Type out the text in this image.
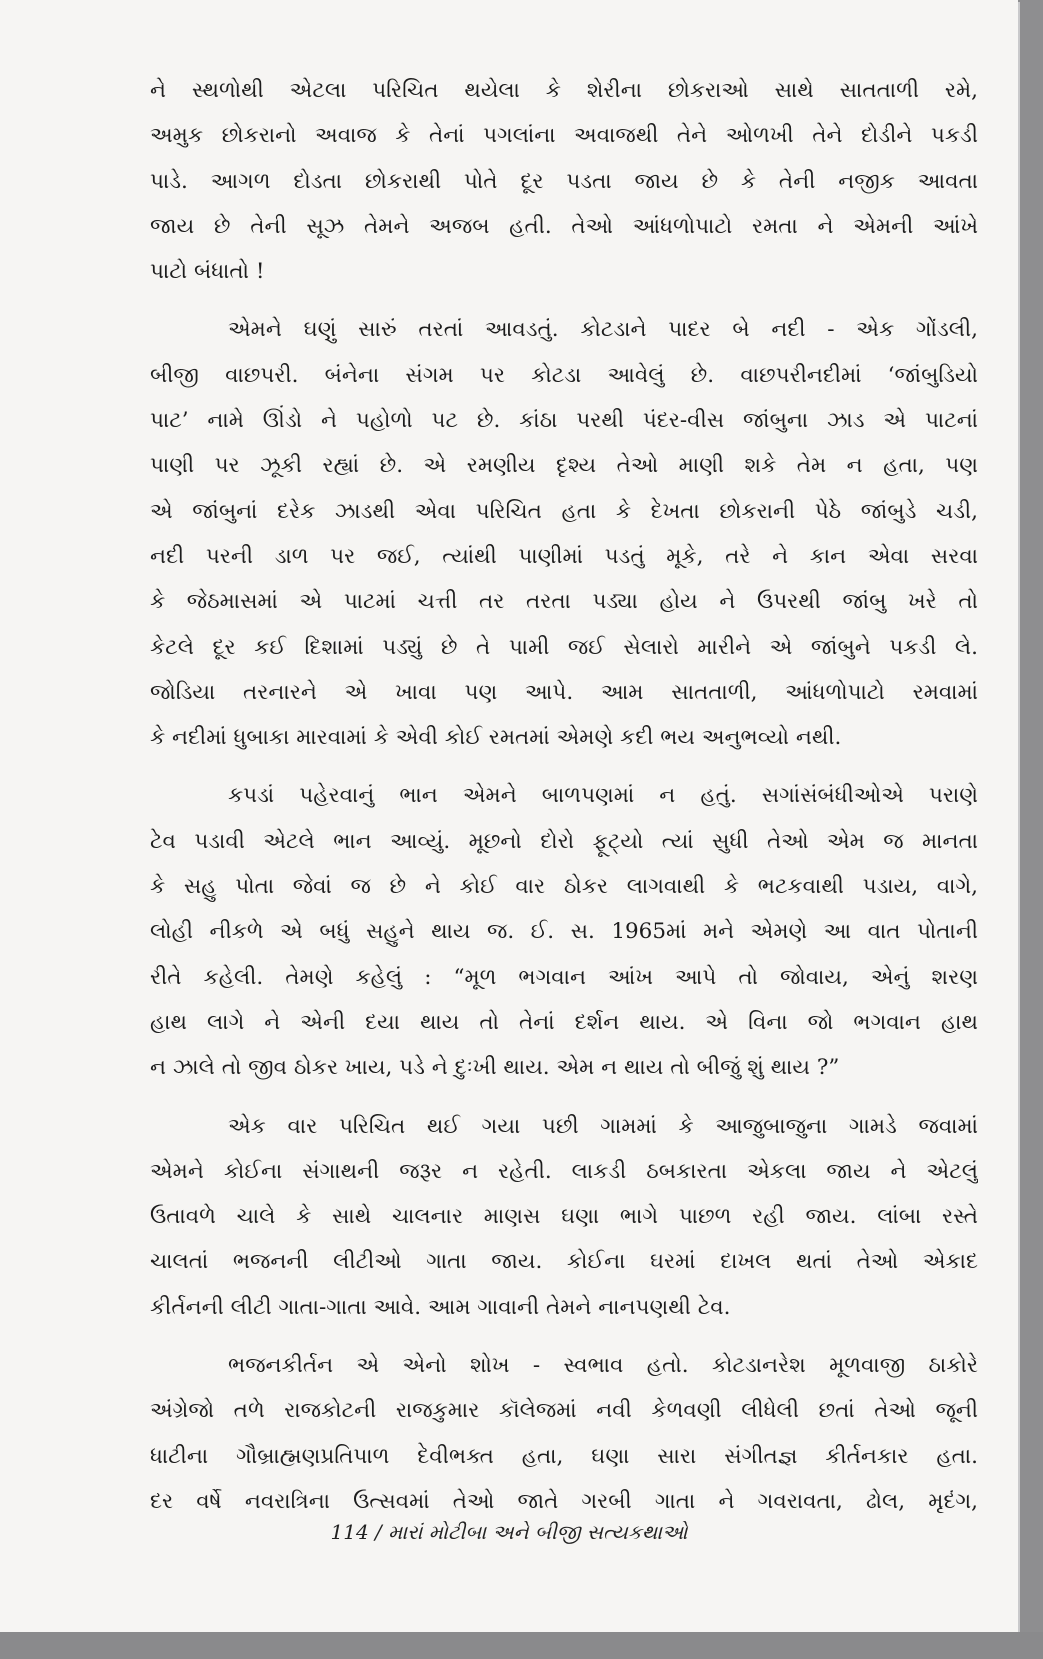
ને સ્થળોથી એટલા પરિચિત થયેલા કે શેરીના છોકરાઓ સાથે સાતતાળી રમે,
અમુક છોકરાનો અવાજ કે તેનાં પગલાંના અવાજથી તેને ઓળખી તેને દોડીને પકડી
પાડે. આગળ દોડતા છોકરાથી પોતે દૂર પડતા જાય છે કે તેની નજીક આવતા
જાય છે તેની સૂઝ તેમને અજબ હતી. તેઓ આંધળોપાટો રમતા ને એમની આંખે
પાટો બંધાતો !
એમને ઘણું સારું તરતાં આવડતું. કોટડાને પાદર બે નદી - એક ગોંડલી,
બીજી વાછપરી. બંનેના સંગમ પર કોટડા આવેલું છે. વાછપરીનદીમાં ‘જાંબુડિયો
પાટ’ નામે ઊંડો ને પહોળો પટ છે. કાંઠા પરથી પંદર-વીસ જાંબુના ઝાડ એ પાટનાં
પાણી પર ઝૂકી રહ્યાં છે. એ રમણીય દૃશ્ય તેઓ માણી શકે તેમ ન હતા, પણ
એ જાંબુનાં દરેક ઝાડથી એવા પરિચિત હતા કે દેખતા છોકરાની પેઠે જાંબુડે ચડી,
નદી પરની ડાળ પર જઈ, ત્યાંથી પાણીમાં પડતું મૂકે, તરે ને કાન એવા સરવા
કે જેઠમાસમાં એ પાટમાં ચત્તી તર તરતા પડ્યા હોય ને ઉપરથી જાંબુ ખરે તો
કેટલે દૂર કઈ દિશામાં પડ્યું છે તે પામી જઈ સેલારો મારીને એ જાંબુને પકડી લે.
જોડિયા તરનારને એ ખાવા પણ આપે. આમ સાતતાળી, આંધળોપાટો રમવામાં
કે નદીમાં ધુબાકા મારવામાં કે એવી કોઈ રમતમાં એમણે કદી ભય અનુભવ્યો નથી.
કપડાં પહેરવાનું ભાન એમને બાળપણમાં ન હતું. સગાંસંબંધીઓએ પરાણે
ટેવ પડાવી એટલે ભાન આવ્યું. મૂછનો દોરો ફૂટ્યો ત્યાં સુધી તેઓ એમ જ માનતા
કે સહુ પોતા જેવાં જ છે ને કોઈ વાર ઠોકર લાગવાથી કે ભટકવાથી પડાય, વાગે,
લોહી નીકળે એ બધું સહુને થાય જ. ઈ. સ. 1965માં મને એમણે આ વાત પોતાની
રીતે કહેલી. તેમણે કહેલું : “મૂળ ભગવાન આંખ આપે તો જોવાય, એનું શરણ
હાથ લાગે ને એની દયા થાય તો તેનાં દર્શન થાય. એ વિના જો ભગવાન હાથ
ન ઝાલે તો જીવ ઠોકર ખાય, પડે ને દુઃખી થાય. એમ ન થાય તો બીજું શું થાય ?”
એક વાર પરિચિત થઈ ગયા પછી ગામમાં કે આજુબાજુના ગામડે જવામાં
એમને કોઈના સંગાથની જરૂર ન રહેતી. લાકડી ઠબકારતા એકલા જાય ને એટલું
ઉતાવળે ચાલે કે સાથે ચાલનાર માણસ ઘણા ભાગે પાછળ રહી જાય. લાંબા રસ્તે
ચાલતાં ભજનની લીટીઓ ગાતા જાય. કોઈના ઘરમાં દાખલ થતાં તેઓ એકાદ
કીર્તનની લીટી ગાતા-ગાતા આવે. આમ ગાવાની તેમને નાનપણથી ટેવ.
ભજનકીર્તન એ એનો શોખ - સ્વભાવ હતો. કોટડાનરેશ મૂળવાજી ઠાકોરે
અંગ્રેજો તળે રાજકોટની રાજકુમાર કૉલેજમાં નવી કેળવણી લીધેલી છતાં તેઓ જૂની
ધાટીના ગૌબ્રાહ્મણપ્રતિપાળ દેવીભક્ત હતા, ઘણા સારા સંગીતજ્ઞ કીર્તનકાર હતા.
દર વર્ષે નવરાત્રિના ઉત્સવમાં તેઓ જાતે ગરબી ગાતા ને ગવરાવતા, ઢોલ, મૃદંગ,
114 / મારાં મોટીબા અને બીજી સત્યકથાઓ
